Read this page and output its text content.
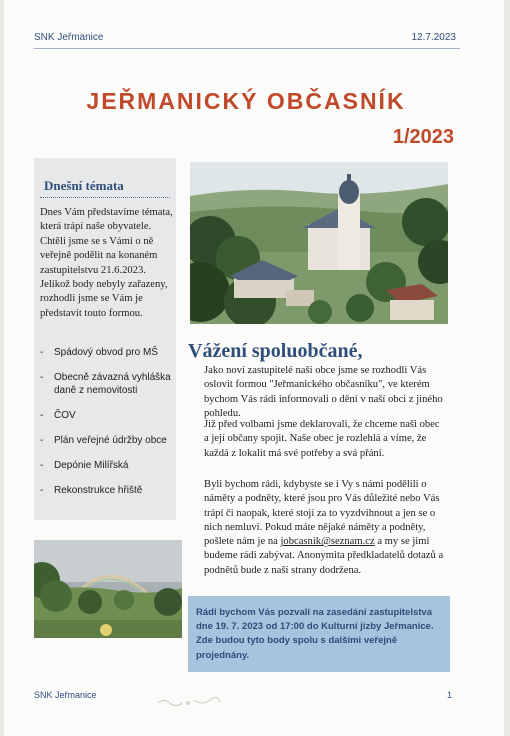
SNK Jeřmanice	12.7.2023
JEŘMANICKÝ OBČASNÍK
1/2023
Dnešní témata
Dnes Vám představíme témata, která trápí naše obyvatele. Chtěli jsme se s Vámi o ně veřejně podělit na konaném zastupitelstvu 21.6.2023. Jelikož body nebyly zařazeny, rozhodli jsme se Vám je představit touto formou.
- Spádový obvod pro MŠ
- Obecně závazná vyhláška daně z nemovitosti
- ČOV
- Plán veřejné údržby obce
- Depónie Milířská
- Rekonstrukce hřiště
Vážení spoluobčané,

Jako noví zastupitelé naší obce jsme se rozhodli Vás oslovit formou "Jeřmanického občasníku", ve kterém bychom Vás rádi informovali o dění v naší obci z jiného pohledu.

Již před volbami jsme deklarovali, že chceme naši obec a její občany spojit. Naše obec je rozlehlá a víme, že každá z lokalit má své potřeby a svá přání.

Byli bychom rádi, kdybyste se i Vy s námi podělili o náměty a podněty, které jsou pro Vás důležité nebo Vás trápí či naopak, které stojí za to vyzdvihnout a jen se o nich nemluví. Pokud máte nějaké náměty a podněty, pošlete nám je na jobcasnik@seznam.cz a my se jimi budeme rádi zabývat. Anonymita předkladatelů dotazů a podnětů bude z naší strany dodržena.

Rádi bychom Vás pozvali na zasedání zastupitelstva dne 19. 7. 2023 od 17:00 do Kulturní jizby Jeřmanice. Zde budou tyto body spolu s dalšími veřejně projednány.

SNK Jeřmanice	1
